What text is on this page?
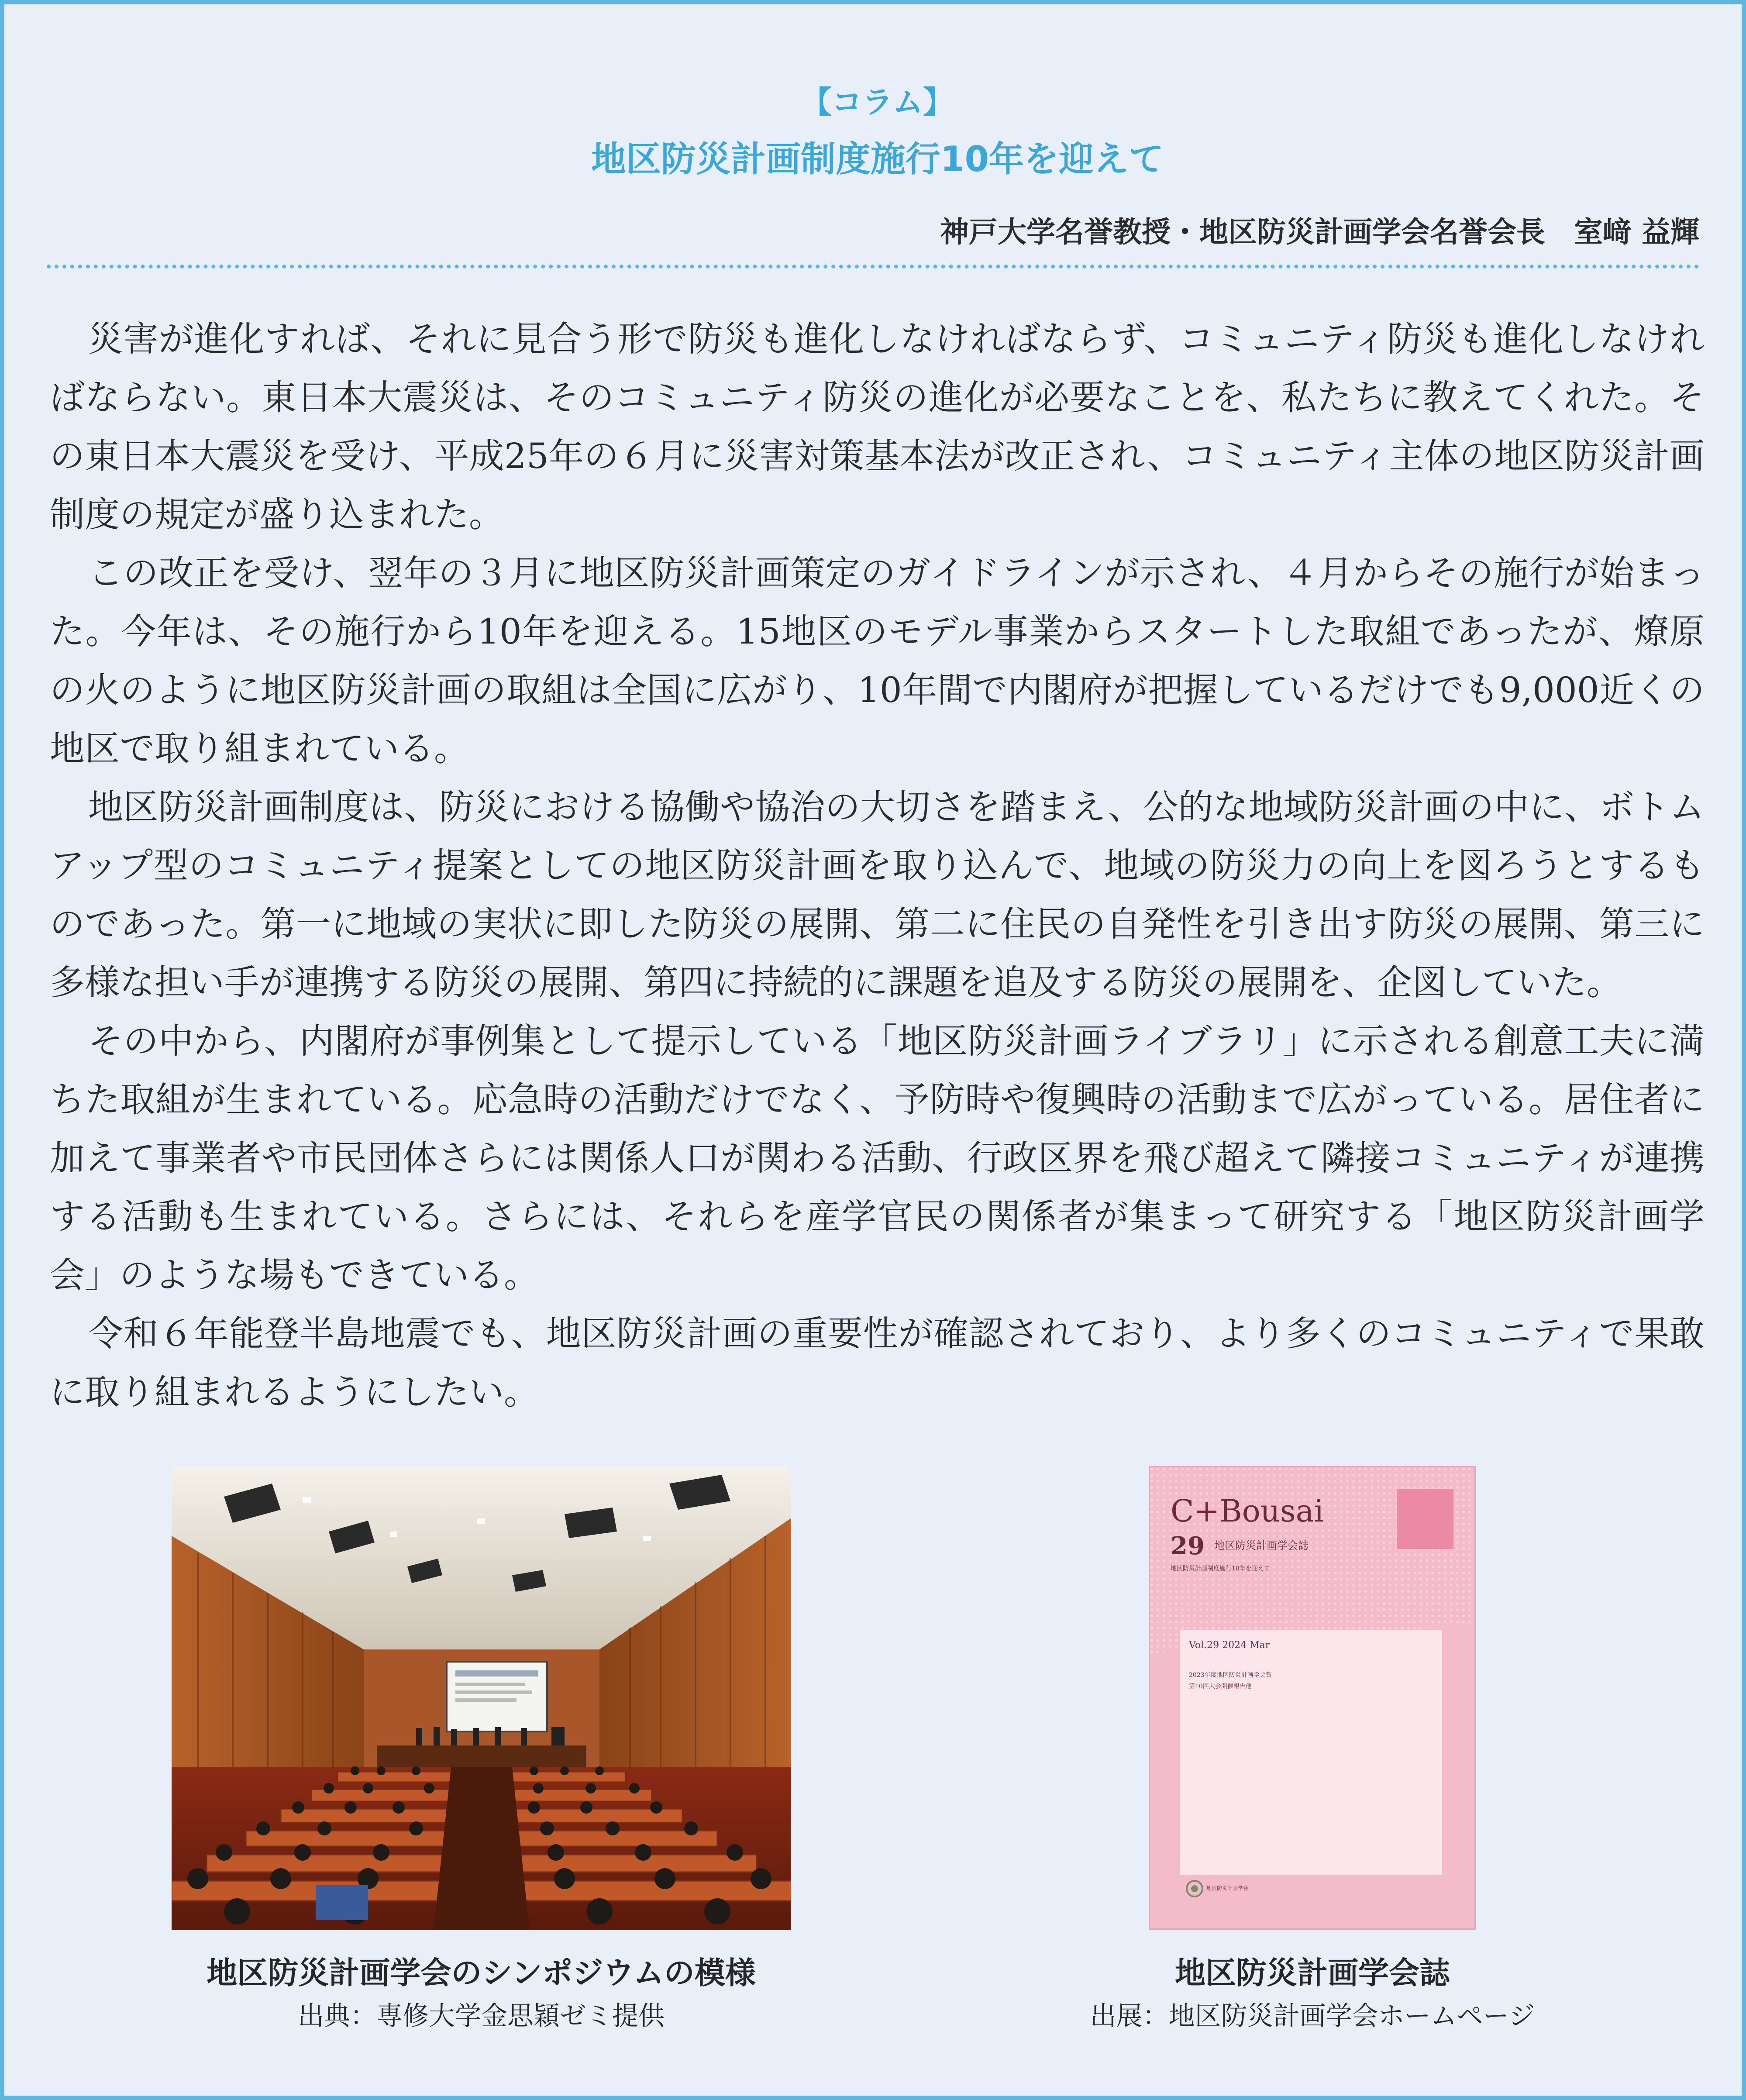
【コラム】
地区防災計画制度施行10年を迎えて
神戸大学名誉教授・地区防災計画学会名誉会長　室﨑 益輝

災害が進化すれば、それに見合う形で防災も進化しなければならず、コミュニティ防災も進化しなければならない。東日本大震災は、そのコミュニティ防災の進化が必要なことを、私たちに教えてくれた。その東日本大震災を受け、平成25年の６月に災害対策基本法が改正され、コミュニティ主体の地区防災計画制度の規定が盛り込まれた。

この改正を受け、翌年の３月に地区防災計画策定のガイドラインが示され、４月からその施行が始まった。今年は、その施行から10年を迎える。15地区のモデル事業からスタートした取組であったが、燎原の火のように地区防災計画の取組は全国に広がり、10年間で内閣府が把握しているだけでも9,000近くの地区で取り組まれている。

地区防災計画制度は、防災における協働や協治の大切さを踏まえ、公的な地域防災計画の中に、ボトムアップ型のコミュニティ提案としての地区防災計画を取り込んで、地域の防災力の向上を図ろうとするものであった。第一に地域の実状に即した防災の展開、第二に住民の自発性を引き出す防災の展開、第三に多様な担い手が連携する防災の展開、第四に持続的に課題を追及する防災の展開を、企図していた。

その中から、内閣府が事例集として提示している「地区防災計画ライブラリ」に示される創意工夫に満ちた取組が生まれている。応急時の活動だけでなく、予防時や復興時の活動まで広がっている。居住者に加えて事業者や市民団体さらには関係人口が関わる活動、行政区界を飛び超えて隣接コミュニティが連携する活動も生まれている。さらには、それらを産学官民の関係者が集まって研究する「地区防災計画学会」のような場もできている。

令和６年能登半島地震でも、地区防災計画の重要性が確認されており、より多くのコミュニティで果敢に取り組まれるようにしたい。

C+Bousai
29 地区防災計画学会誌
地区防災計画制度施行10年を迎えて
Vol.29 2024 Mar
2023年度地区防災計画学会賞
第10回大会開催報告他
地区防災計画学会
地区防災計画学会のシンポジウムの模様
出典：専修大学金思穎ゼミ提供
地区防災計画学会誌
出展：地区防災計画学会ホームページ
